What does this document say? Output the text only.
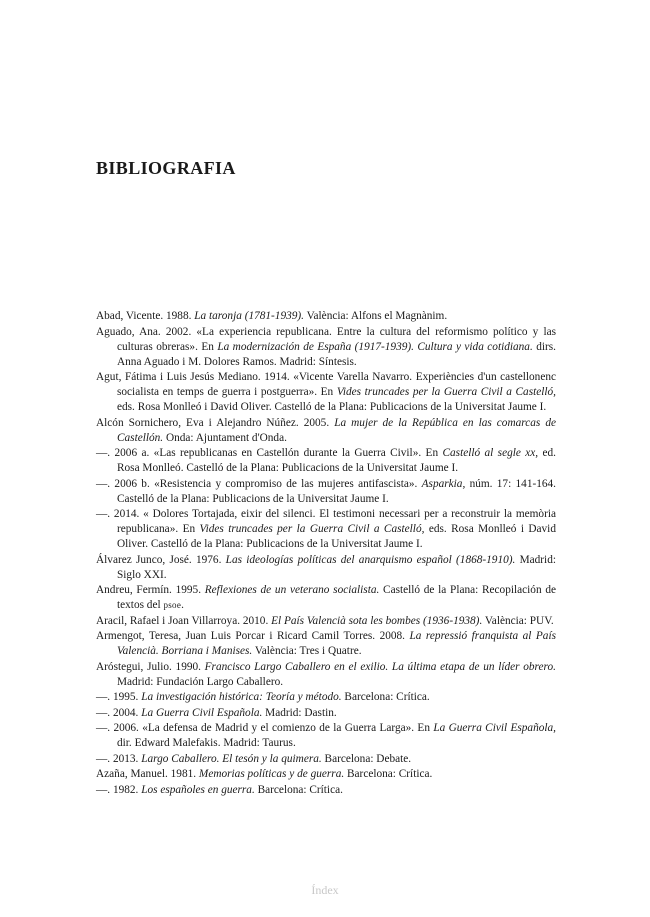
BIBLIOGRAFIA

Abad, Vicente. 1988. La taronja (1781-1939). València: Alfons el Magnànim.

Aguado, Ana. 2002. «La experiencia republicana. Entre la cultura del reformismo político y las culturas obreras». En La modernización de España (1917-1939). Cultura y vida cotidiana. dirs. Anna Aguado i M. Dolores Ramos. Madrid: Síntesis.

Agut, Fátima i Luis Jesús Mediano. 1914. «Vicente Varella Navarro. Experiències d'un castellonenc socialista en temps de guerra i postguerra». En Vides truncades per la Guerra Civil a Castelló, eds. Rosa Monlleó i David Oliver. Castelló de la Plana: Publicacions de la Universitat Jaume I.

Alcón Sornichero, Eva i Alejandro Núñez. 2005. La mujer de la República en las comarcas de Castellón. Onda: Ajuntament d'Onda.

—. 2006 a. «Las republicanas en Castellón durante la Guerra Civil». En Castelló al segle xx, ed. Rosa Monlleó. Castelló de la Plana: Publicacions de la Universitat Jaume I.

—. 2006 b. «Resistencia y compromiso de las mujeres antifascista». Asparkia, núm. 17: 141-164. Castelló de la Plana: Publicacions de la Universitat Jaume I.

—. 2014. « Dolores Tortajada, eixir del silenci. El testimoni necessari per a reconstruir la memòria republicana». En Vides truncades per la Guerra Civil a Castelló, eds. Rosa Monlleó i David Oliver. Castelló de la Plana: Publicacions de la Universitat Jaume I.

Álvarez Junco, José. 1976. Las ideologías políticas del anarquismo español (1868-1910). Madrid: Siglo XXI.

Andreu, Fermín. 1995. Reflexiones de un veterano socialista. Castelló de la Plana: Recopilación de textos del psoe.

Aracil, Rafael i Joan Villarroya. 2010. El País Valencià sota les bombes (1936-1938). València: PUV.

Armengot, Teresa, Juan Luis Porcar i Ricard Camil Torres. 2008. La repressió franquista al País Valencià. Borriana i Manises. València: Tres i Quatre.

Aróstegui, Julio. 1990. Francisco Largo Caballero en el exilio. La última etapa de un líder obrero. Madrid: Fundación Largo Caballero.

—. 1995. La investigación histórica: Teoría y método. Barcelona: Crítica.

—. 2004. La Guerra Civil Española. Madrid: Dastin.

—. 2006. «La defensa de Madrid y el comienzo de la Guerra Larga». En La Guerra Civil Española, dir. Edward Malefakis. Madrid: Taurus.

—. 2013. Largo Caballero. El tesón y la quimera. Barcelona: Debate.

Azaña, Manuel. 1981. Memorias políticas y de guerra. Barcelona: Crítica.

—. 1982. Los españoles en guerra. Barcelona: Crítica.

Índex
